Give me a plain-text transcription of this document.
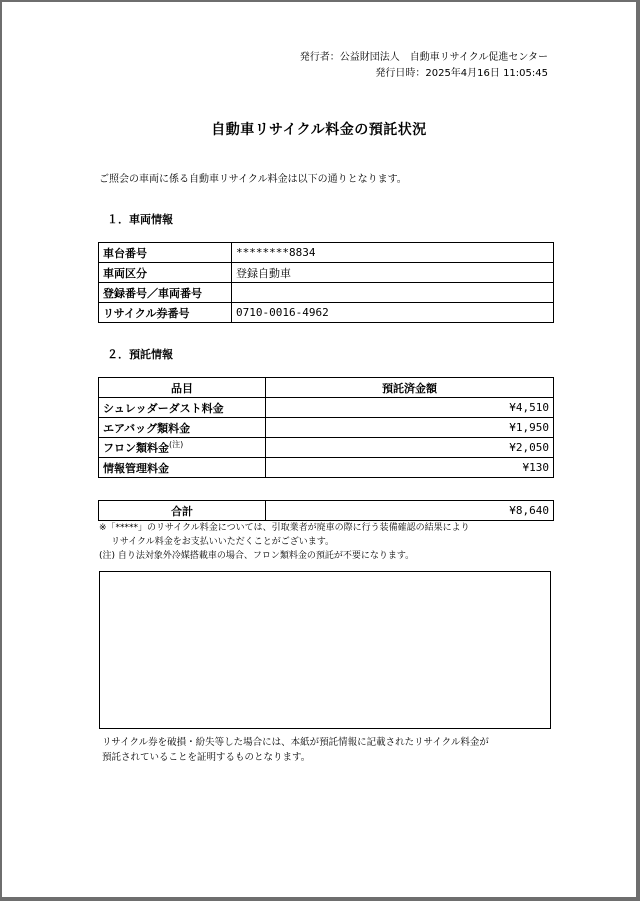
発行者：公益財団法人　自動車リサイクル促進センター
発行日時：2025年4月16日 11:05:45
自動車リサイクル料金の預託状況
ご照会の車両に係る自動車リサイクル料金は以下の通りとなります。
１．車両情報
車台番号	********8834
車両区分	登録自動車
登録番号／車両番号	
リサイクル券番号	0710-0016-4962
２．預託情報
品目	預託済金額
シュレッダーダスト料金	¥4,510
エアバッグ類料金	¥1,950
フロン類料金$^{(注)}$	¥2,050
情報管理料金	¥130
合計	¥8,640
※「*****」のリサイクル料金については、引取業者が廃車の際に行う装備確認の結果により
リサイクル料金をお支払いいただくことがございます。
(注) 自り法対象外冷媒搭載車の場合、フロン類料金の預託が不要になります。
リサイクル券を破損・紛失等した場合には、本紙が預託情報に記載されたリサイクル料金が
預託されていることを証明するものとなります。
